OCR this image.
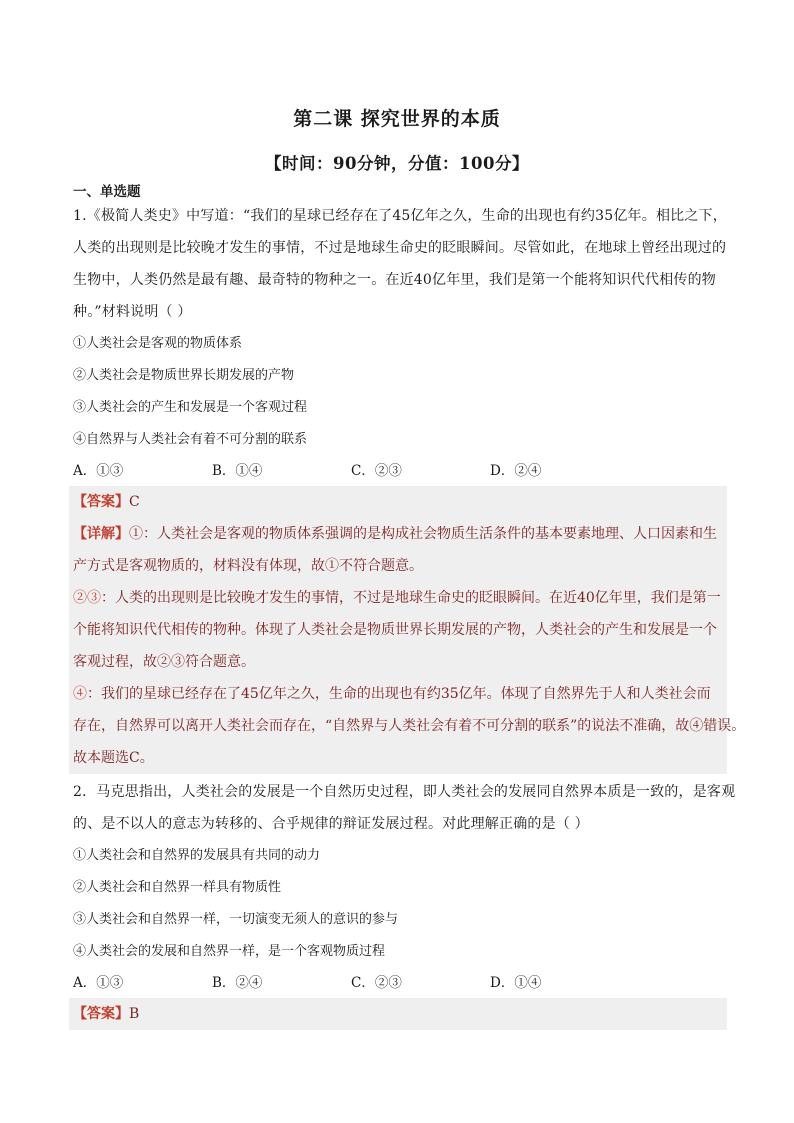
第二课 探究世界的本质
【时间：90分钟，分值：100分】
一、单选题
1.《极简人类史》中写道：“我们的星球已经存在了45亿年之久，生命的出现也有约35亿年。相比之下，
人类的出现则是比较晚才发生的事情，不过是地球生命史的眨眼瞬间。尽管如此，在地球上曾经出现过的
生物中，人类仍然是最有趣、最奇特的物种之一。在近40亿年里，我们是第一个能将知识代代相传的物
种。”材料说明（ ）
①人类社会是客观的物质体系
②人类社会是物质世界长期发展的产物
③人类社会的产生和发展是一个客观过程
④自然界与人类社会有着不可分割的联系
A．①③	B．①④	C．②③	D．②④
【答案】C
【详解】①：人类社会是客观的物质体系强调的是构成社会物质生活条件的基本要素地理、人口因素和生
产方式是客观物质的，材料没有体现，故①不符合题意。
②③：人类的出现则是比较晚才发生的事情，不过是地球生命史的眨眼瞬间。在近40亿年里，我们是第一
个能将知识代代相传的物种。体现了人类社会是物质世界长期发展的产物，人类社会的产生和发展是一个
客观过程，故②③符合题意。
④：我们的星球已经存在了45亿年之久，生命的出现也有约35亿年。体现了自然界先于人和人类社会而
存在，自然界可以离开人类社会而存在，“自然界与人类社会有着不可分割的联系”的说法不准确，故④错误。
故本题选C。
2．马克思指出，人类社会的发展是一个自然历史过程，即人类社会的发展同自然界本质是一致的，是客观
的、是不以人的意志为转移的、合乎规律的辩证发展过程。对此理解正确的是（ ）
①人类社会和自然界的发展具有共同的动力
②人类社会和自然界一样具有物质性
③人类社会和自然界一样，一切演变无须人的意识的参与
④人类社会的发展和自然界一样，是一个客观物质过程
A．①③	B．②④	C．②③	D．①④
【答案】B
